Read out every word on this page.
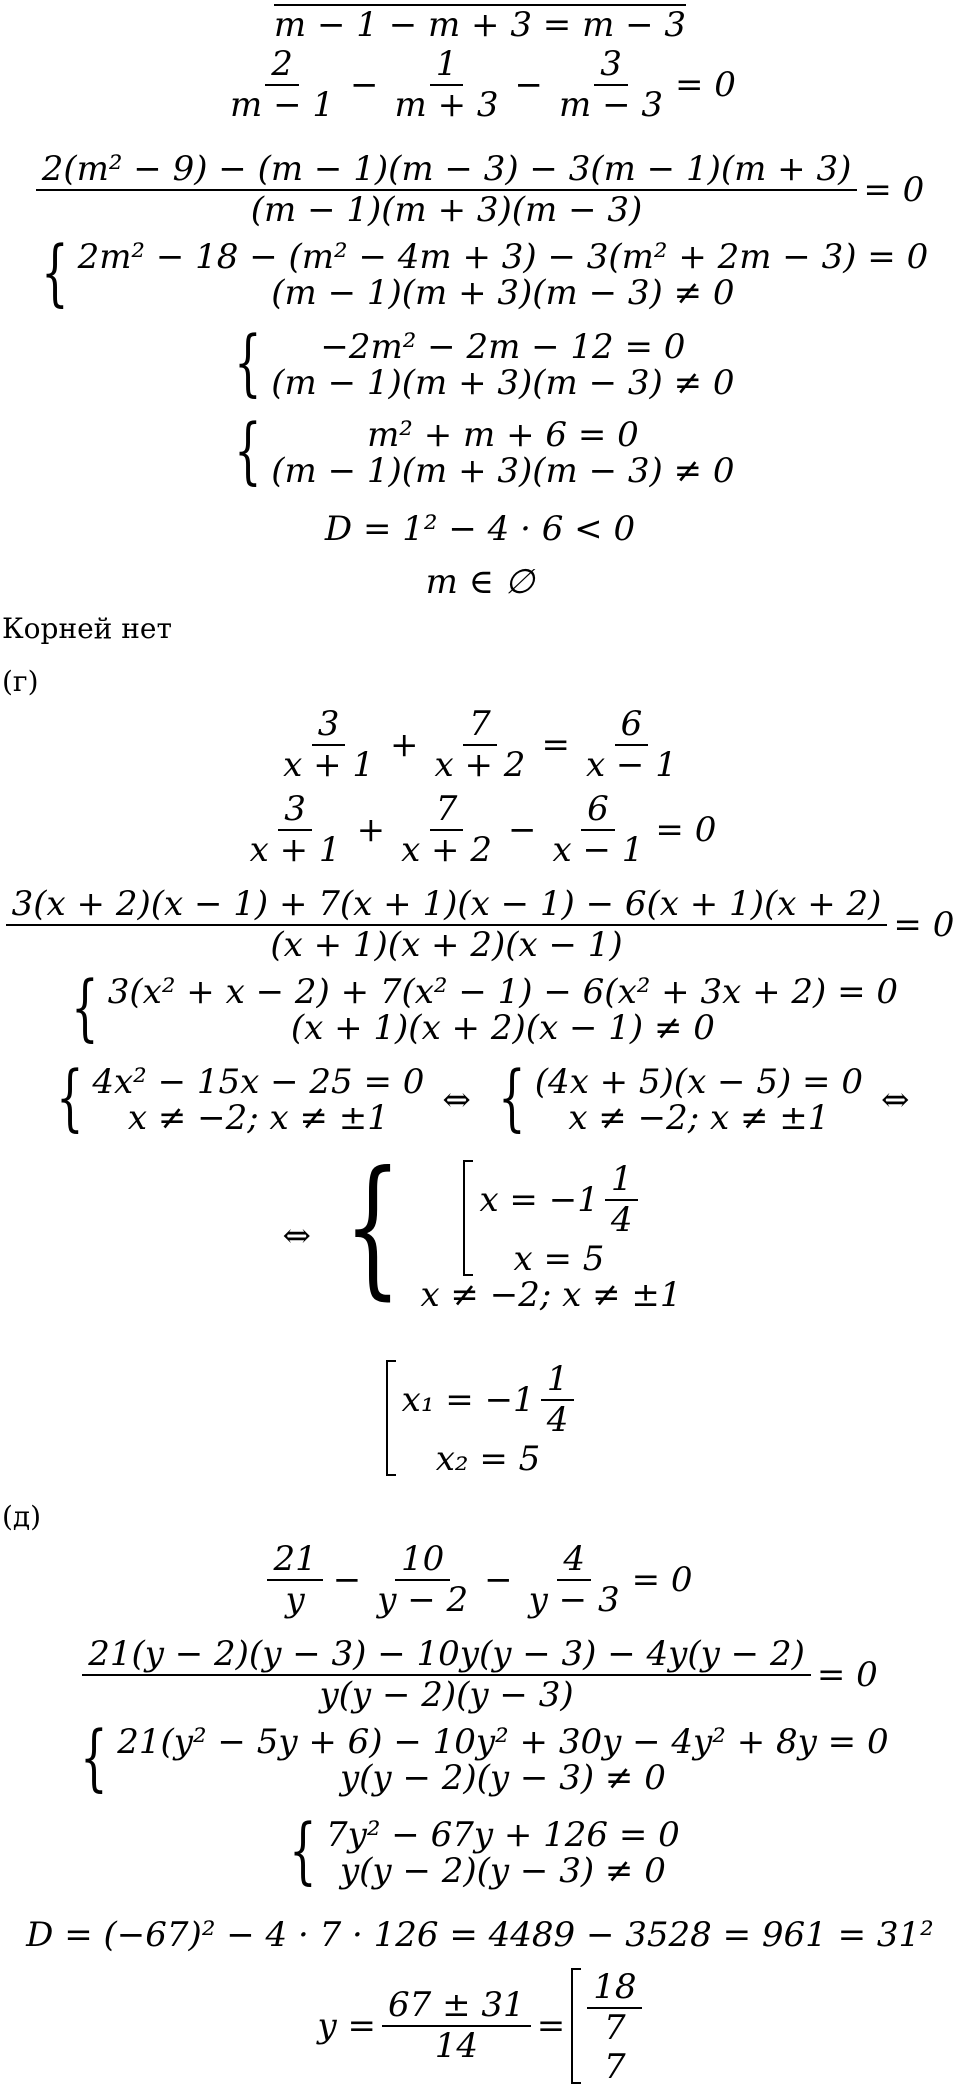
m − 1 − m + 3 = m − 3
$\frac{2}{m - 1} - \frac{1}{m + 3} - \frac{3}{m - 3} = 0$
$\frac{\text{2(m² − 9) − (m − 1)(m − 3) − 3(m − 1)(m + 3)}}{(m - 1)(m + 3)(m - 3)} = 0$
{ 2m² − 18 − (m² − 4m + 3) − 3(m² + 2m − 3) = 0
(m − 1)(m + 3)(m − 3) ≠ 0
{ −2m² − 2m − 12 = 0
(m − 1)(m + 3)(m − 3) ≠ 0
{	m² + m + 6 = 0
(m − 1)(m + 3)(m − 3) ≠ 0
D = 1² − 4 · 6 < 0
m ∈ ∅
Корней нет
(г)
$\frac{3}{x + 1} + \frac{7}{x + 2} = \frac{6}{x - 1}$
$\frac{3}{x + 1} + \frac{7}{x + 2} - \frac{6}{x - 1} = 0$
$\frac{3(x + 2)(x - 1) + 7(x + 1)(x - 1) - 6(x + 1)(x + 2)}{(x + 1)(x + 2)(x - 1)} = 0$
{ 3(x² + x − 2) + 7(x² − 1) − 6(x² + 3x + 2) = 0
(x + 1)(x + 2)(x − 1) ≠ 0
{ 4x² − 15x − 25 = 0
x ≠ −2; x ≠ ±1 ⇔ { (4x + 5)(x − 5) = 0
x ≠ −2; x ≠ ±1 ⇔
⇔ { $x = -1 \frac{1}{4}$
x = 5
x ≠ −2; x ≠ ±1
$x_1 = -1 \frac{1}{4}$
x₂ = 5
(д)
$\frac{21}{y} - \frac{10}{y - 2} - \frac{4}{y - 3} = 0$
$\frac{21(y - 2)(y - 3) - 10y(y - 3) - 4y(y - 2)}{y(y - 2)(y - 3)} = 0$
{ 21(y² − 5y + 6) − 10y² + 30y − 4y² + 8y = 0
y(y − 2)(y − 3) ≠ 0
{ 7y² − 67y + 126 = 0
y(y − 2)(y − 3) ≠ 0
D = (−67)² − 4 · 7 · 126 = 4489 − 3528 = 961 = 31²
$y = \frac{67 \pm 31}{14} = \frac{18}{7}$
7
